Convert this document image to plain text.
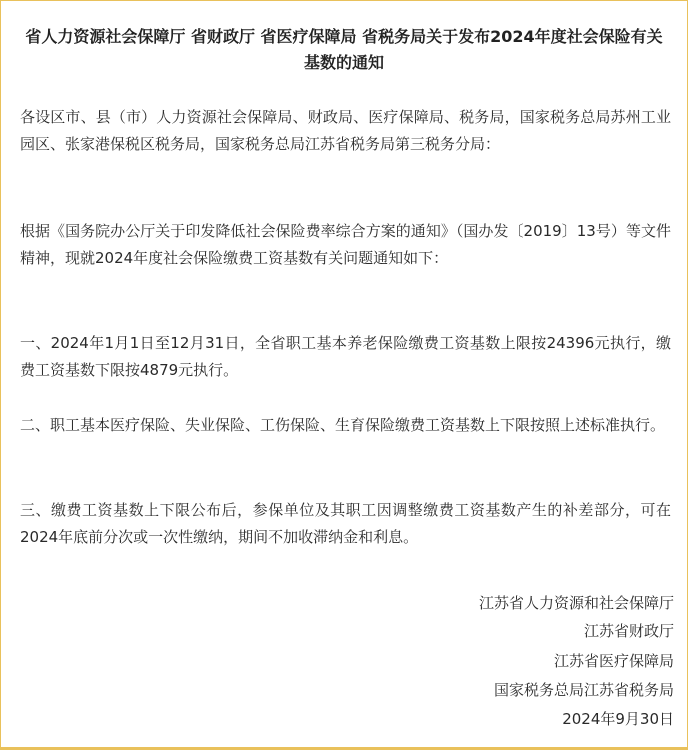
省人力资源社会保障厅 省财政厅 省医疗保障局 省税务局关于发布2024年度社会保险有关基数的通知
各设区市、县（市）人力资源社会保障局、财政局、医疗保障局、税务局，国家税务总局苏州工业园区、张家港保税区税务局，国家税务总局江苏省税务局第三税务分局：
根据《国务院办公厅关于印发降低社会保险费率综合方案的通知》（国办发〔2019〕13号）等文件精神，现就2024年度社会保险缴费工资基数有关问题通知如下：
一、2024年1月1日至12月31日，全省职工基本养老保险缴费工资基数上限按24396元执行，缴费工资基数下限按4879元执行。
二、职工基本医疗保险、失业保险、工伤保险、生育保险缴费工资基数上下限按照上述标准执行。
三、缴费工资基数上下限公布后，参保单位及其职工因调整缴费工资基数产生的补差部分，可在2024年底前分次或一次性缴纳，期间不加收滞纳金和利息。
江苏省人力资源和社会保障厅
江苏省财政厅
江苏省医疗保障局
国家税务总局江苏省税务局
2024年9月30日
